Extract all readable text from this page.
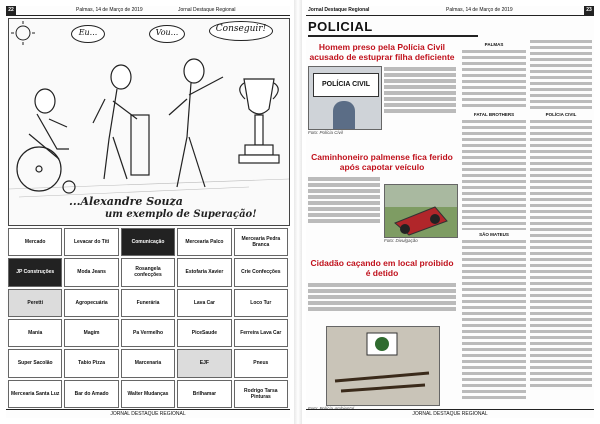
22	Palmas, 14 de Março de 2019	Jornal Destaque Regional
Eu...	Vou...	Conseguir!
...Alexandre Souza
um exemplo de Superação!
Mercado	Levacar do Titi	Comunicação	Mercearia Palco	Mercearia Pedra Branca
JP Construções	Moda Jeans	Rosangela confecções	Estofaria Xavier	Crie Confecções
Peretti	Agropecuária	Funerária	Lava Car	Loco Tur
Mania	Magim	Pa Vermelho	PiceSaude	Ferreira Lava Car
Super Sacolão	Tabio Pizza	Marcenaria	EJF	Pneus
Mercearia Santa Luz	Bar do Amado	Walter Mudanças	Brilhamar	Rodrigo Tarsa Pinturas
JORNAL DESTAQUE REGIONAL
Jornal Destaque Regional	Palmas, 14 de Março de 2019	23
POLICIAL
Homem preso pela Polícia Civil acusado de estuprar filha deficiente
POLÍCIA CIVIL
Foto: Polícia Civil
Caminhoneiro palmense fica ferido após capotar veículo
Foto: Divulgação
Cidadão caçando em local proibido é detido
Foto: Polícia Ambiental
PALMAS
FATAL BROTHERS
SÃO MATEUS
POLÍCIA CIVIL
JORNAL DESTAQUE REGIONAL
